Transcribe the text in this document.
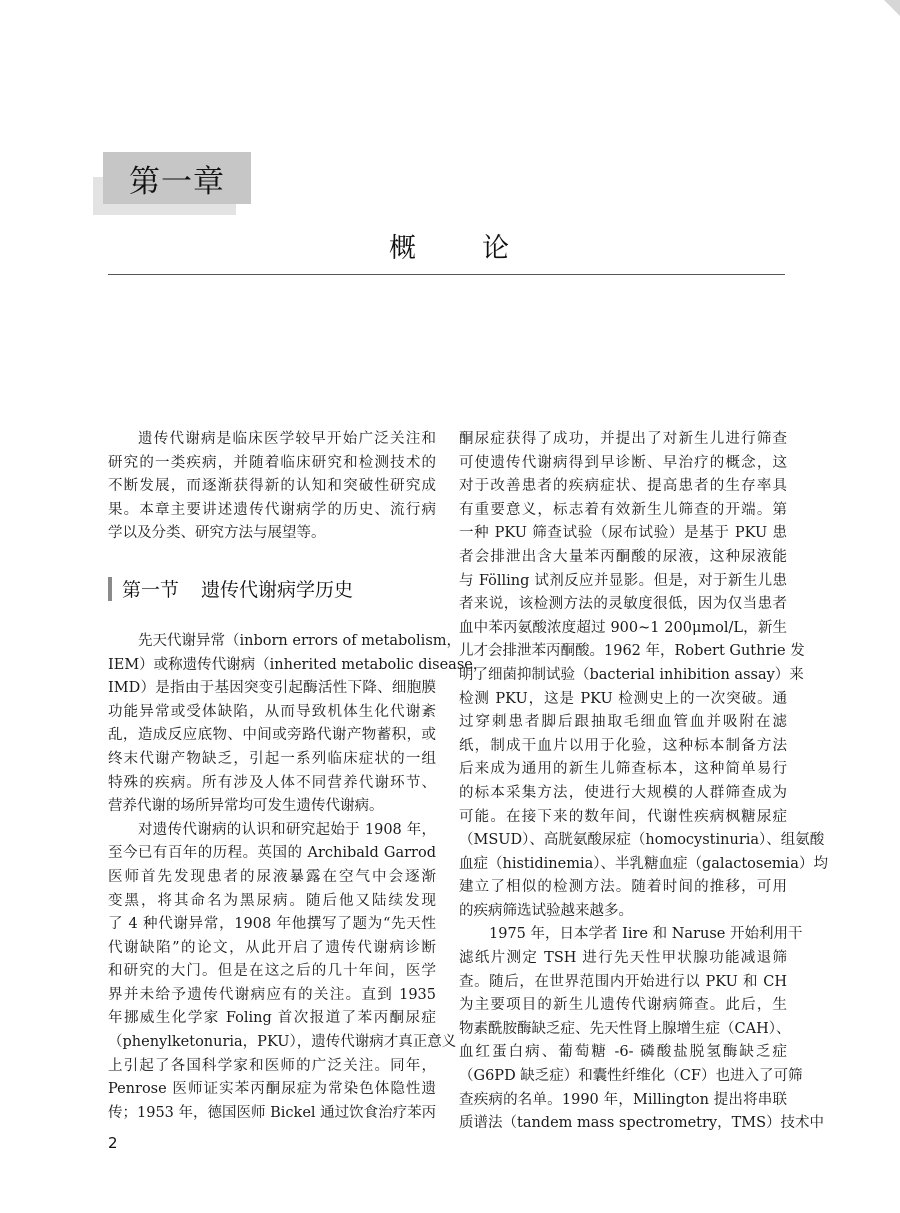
第一章
概 论
遗传代谢病是临床医学较早开始广泛关注和
研究的一类疾病，并随着临床研究和检测技术的
不断发展，而逐渐获得新的认知和突破性研究成
果。本章主要讲述遗传代谢病学的历史、流行病
学以及分类、研究方法与展望等。
第一节 遗传代谢病学历史
先天代谢异常（inborn errors of metabolism，
IEM）或称遗传代谢病（inherited metabolic disease，
IMD）是指由于基因突变引起酶活性下降、细胞膜
功能异常或受体缺陷，从而导致机体生化代谢紊
乱，造成反应底物、中间或旁路代谢产物蓄积，或
终末代谢产物缺乏，引起一系列临床症状的一组
特殊的疾病。所有涉及人体不同营养代谢环节、
营养代谢的场所异常均可发生遗传代谢病。
对遗传代谢病的认识和研究起始于 1908 年，
至今已有百年的历程。英国的 Archibald Garrod
医师首先发现患者的尿液暴露在空气中会逐渐
变黑，将其命名为黑尿病。随后他又陆续发现
了 4 种代谢异常，1908 年他撰写了题为“先天性
代谢缺陷”的论文，从此开启了遗传代谢病诊断
和研究的大门。但是在这之后的几十年间，医学
界并未给予遗传代谢病应有的关注。直到 1935
年挪威生化学家 Foling 首次报道了苯丙酮尿症
（phenylketonuria，PKU），遗传代谢病才真正意义
上引起了各国科学家和医师的广泛关注。同年，
Penrose 医师证实苯丙酮尿症为常染色体隐性遗
传；1953 年，德国医师 Bickel 通过饮食治疗苯丙
酮尿症获得了成功，并提出了对新生儿进行筛查
可使遗传代谢病得到早诊断、早治疗的概念，这
对于改善患者的疾病症状、提高患者的生存率具
有重要意义，标志着有效新生儿筛查的开端。第
一种 PKU 筛查试验（尿布试验）是基于 PKU 患
者会排泄出含大量苯丙酮酸的尿液，这种尿液能
与 Fölling 试剂反应并显影。但是，对于新生儿患
者来说，该检测方法的灵敏度很低，因为仅当患者
血中苯丙氨酸浓度超过 900~1 200μmol/L，新生
儿才会排泄苯丙酮酸。1962 年，Robert Guthrie 发
明了细菌抑制试验（bacterial inhibition assay）来
检测 PKU，这是 PKU 检测史上的一次突破。通
过穿刺患者脚后跟抽取毛细血管血并吸附在滤
纸，制成干血片以用于化验，这种标本制备方法
后来成为通用的新生儿筛查标本，这种简单易行
的标本采集方法，使进行大规模的人群筛查成为
可能。在接下来的数年间，代谢性疾病枫糖尿症
（MSUD）、高胱氨酸尿症（homocystinuria）、组氨酸
血症（histidinemia）、半乳糖血症（galactosemia）均
建立了相似的检测方法。随着时间的推移，可用
的疾病筛选试验越来越多。
1975 年，日本学者 Iire 和 Naruse 开始利用干
滤纸片测定 TSH 进行先天性甲状腺功能减退筛
查。随后，在世界范围内开始进行以 PKU 和 CH
为主要项目的新生儿遗传代谢病筛查。此后，生
物素酰胺酶缺乏症、先天性肾上腺增生症（CAH）、
血红蛋白病、葡萄糖 -6- 磷酸盐脱氢酶缺乏症
（G6PD 缺乏症）和囊性纤维化（CF）也进入了可筛
查疾病的名单。1990 年，Millington 提出将串联
质谱法（tandem mass spectrometry，TMS）技术中
2
